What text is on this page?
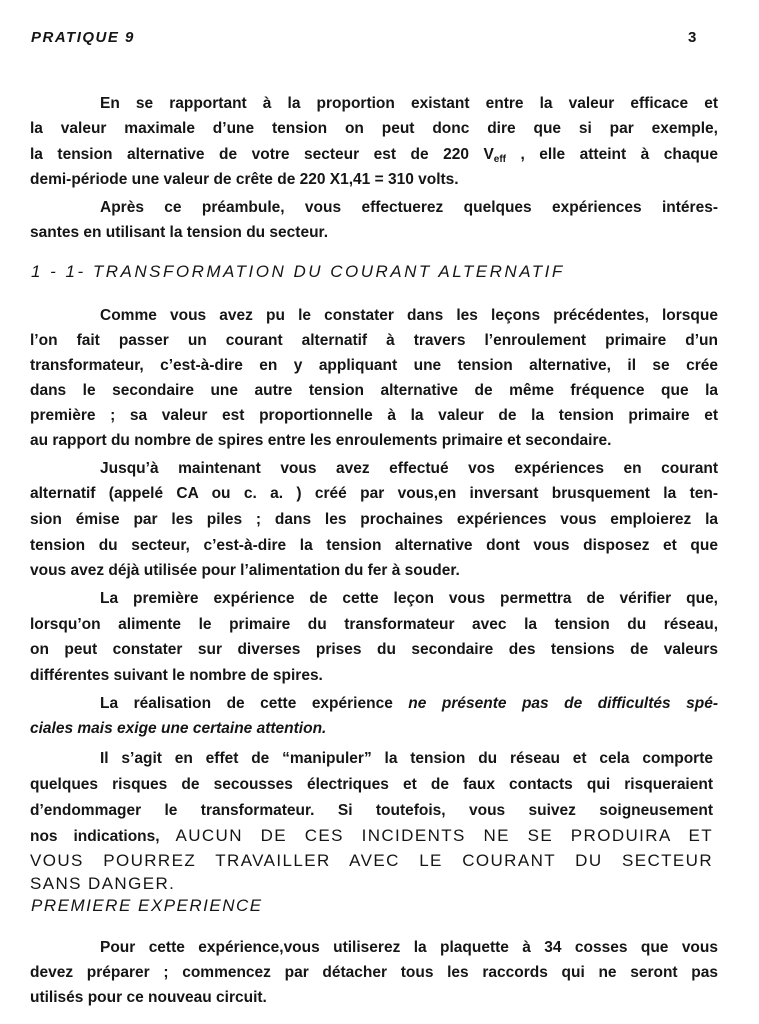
PRATIQUE 9	3
En se rapportant à la proportion existant entre la valeur efficace et
la valeur maximale d’une tension on peut donc dire que si par exemple,
la tension alternative de votre secteur est de 220 $V_{eff}$ , elle atteint à chaque
demi-période une valeur de crête de 220 X1,41 = 310 volts.
Après ce préambule, vous effectuerez quelques expériences intéres-
santes en utilisant la tension du secteur.
1 - 1- TRANSFORMATION DU COURANT ALTERNATIF
Comme vous avez pu le constater dans les leçons précédentes, lorsque
l’on fait passer un courant alternatif à travers l’enroulement primaire d’un
transformateur, c’est-à-dire en y appliquant une tension alternative, il se crée
dans le secondaire une autre tension alternative de même fréquence que la
première ; sa valeur est proportionnelle à la valeur de la tension primaire et
au rapport du nombre de spires entre les enroulements primaire et secondaire.
Jusqu’à maintenant vous avez effectué vos expériences en courant
alternatif (appelé CA ou c. a. ) créé par vous,en inversant brusquement la ten-
sion émise par les piles ; dans les prochaines expériences vous emploierez la
tension du secteur, c’est-à-dire la tension alternative dont vous disposez et que
vous avez déjà utilisée pour l’alimentation du fer à souder.
La première expérience de cette leçon vous permettra de vérifier que,
lorsqu’on alimente le primaire du transformateur avec la tension du réseau,
on peut constater sur diverses prises du secondaire des tensions de valeurs
différentes suivant le nombre de spires.
La réalisation de cette expérience ne présente pas de difficultés spé-
ciales mais exige une certaine attention.
Il s’agit en effet de “manipuler” la tension du réseau et cela comporte
quelques risques de secousses électriques et de faux contacts qui risqueraient
d’endommager le transformateur. Si toutefois, vous suivez soigneusement
nos indications, AUCUN DE CES INCIDENTS NE SE PRODUIRA ET
VOUS POURREZ TRAVAILLER AVEC LE COURANT DU SECTEUR
SANS DANGER.
PREMIERE EXPERIENCE
Pour cette expérience,vous utiliserez la plaquette à 34 cosses que vous
devez préparer ; commencez par détacher tous les raccords qui ne seront pas
utilisés pour ce nouveau circuit.
